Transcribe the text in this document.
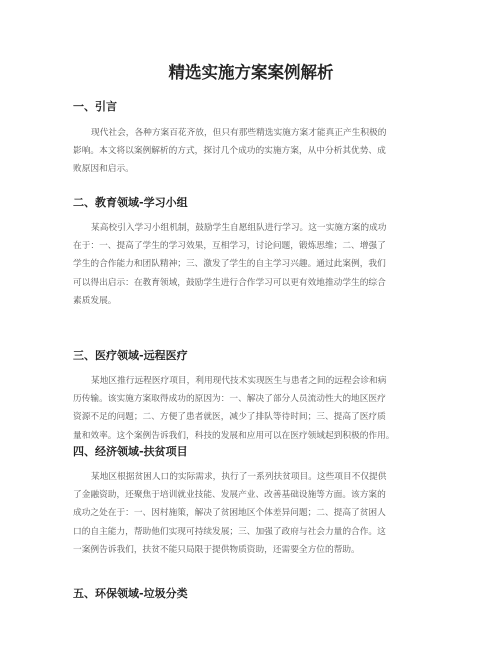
精选实施方案案例解析
一、引言
现代社会，各种方案百花齐放，但只有那些精选实施方案才能真正产生积极的
影响。本文将以案例解析的方式，探讨几个成功的实施方案，从中分析其优势、成
败原因和启示。
二、教育领域-学习小组
某高校引入学习小组机制，鼓励学生自愿组队进行学习。这一实施方案的成功
在于：一、提高了学生的学习效果，互相学习，讨论问题，锻炼思维；二、增强了
学生的合作能力和团队精神；三、激发了学生的自主学习兴趣。通过此案例，我们
可以得出启示：在教育领域，鼓励学生进行合作学习可以更有效地推动学生的综合
素质发展。
三、医疗领域-远程医疗
某地区推行远程医疗项目，利用现代技术实现医生与患者之间的远程会诊和病
历传输。该实施方案取得成功的原因为：一、解决了部分人员流动性大的地区医疗
资源不足的问题；二、方便了患者就医，减少了排队等待时间；三、提高了医疗质
量和效率。这个案例告诉我们，科技的发展和应用可以在医疗领域起到积极的作用。
四、经济领域-扶贫项目
某地区根据贫困人口的实际需求，执行了一系列扶贫项目。这些项目不仅提供
了金融资助，还聚焦于培训就业技能、发展产业、改善基础设施等方面。该方案的
成功之处在于：一、因村施策，解决了贫困地区个体差异问题；二、提高了贫困人
口的自主能力，帮助他们实现可持续发展；三、加强了政府与社会力量的合作。这
一案例告诉我们，扶贫不能只局限于提供物质资助，还需要全方位的帮助。
五、环保领域-垃圾分类
